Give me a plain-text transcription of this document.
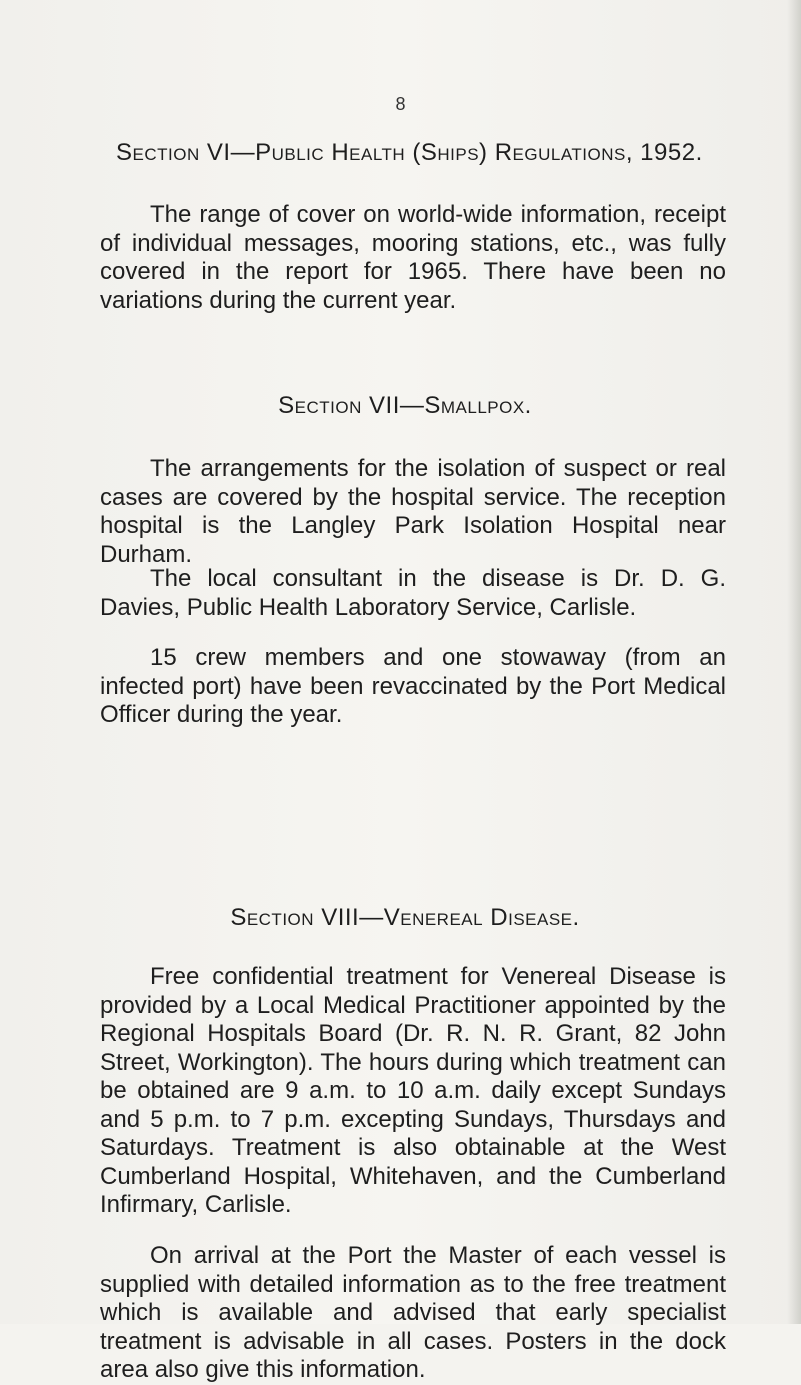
8
Section VI—Public Health (Ships) Regulations, 1952.

The range of cover on world-wide information, receipt of individual messages, mooring stations, etc., was fully covered in the report for 1965. There have been no variations during the current year.

Section VII—Smallpox.

The arrangements for the isolation of suspect or real cases are covered by the hospital service. The reception hospital is the Langley Park Isolation Hospital near Durham.

The local consultant in the disease is Dr. D. G. Davies, Public Health Laboratory Service, Carlisle.

15 crew members and one stowaway (from an infected port) have been revaccinated by the Port Medical Officer during the year.

Section VIII—Venereal Disease.

Free confidential treatment for Venereal Disease is provided by a Local Medical Practitioner appointed by the Regional Hospitals Board (Dr. R. N. R. Grant, 82 John Street, Workington). The hours during which treatment can be obtained are 9 a.m. to 10 a.m. daily except Sundays and 5 p.m. to 7 p.m. excepting Sundays, Thursdays and Saturdays. Treatment is also obtainable at the West Cumberland Hospital, Whitehaven, and the Cumberland Infirmary, Carlisle.

On arrival at the Port the Master of each vessel is supplied with detailed information as to the free treatment which is available and advised that early specialist treatment is advisable in all cases. Posters in the dock area also give this information.
